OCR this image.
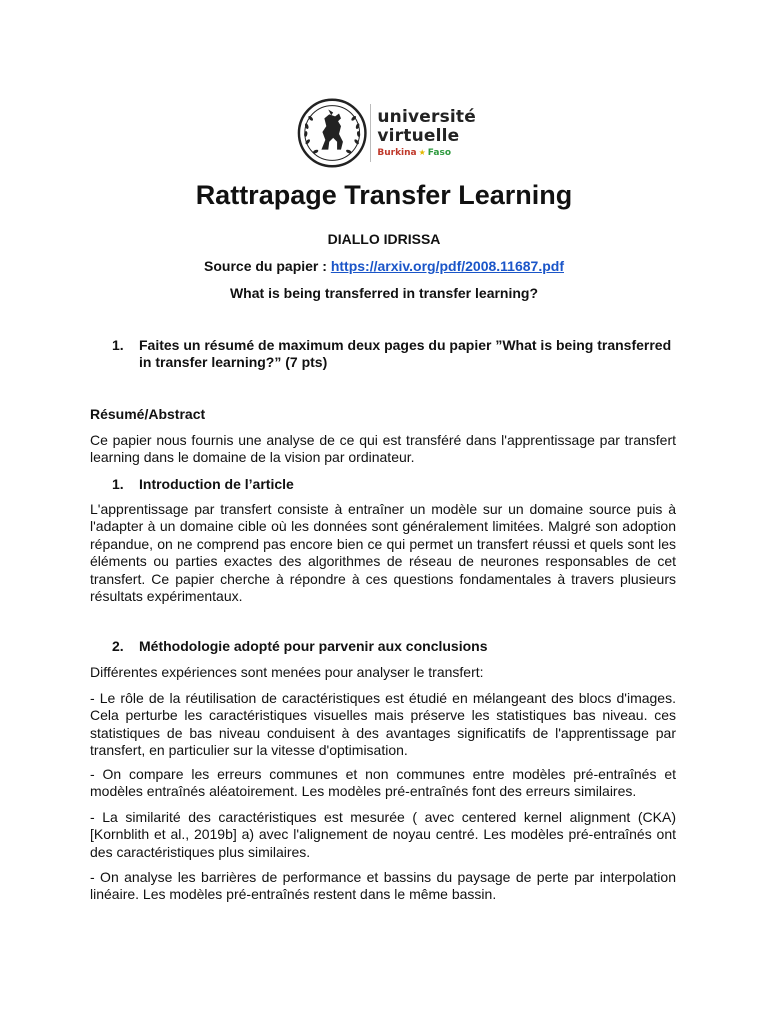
université
virtuelle
Burkina ★ Faso
Rattrapage Transfer Learning
DIALLO IDRISSA
Source du papier : https://arxiv.org/pdf/2008.11687.pdf
What is being transferred in transfer learning?
1.	Faites un résumé de maximum deux pages du papier ”What is being transferred in transfer learning?” (7 pts)
Résumé/Abstract

Ce papier nous fournis une analyse de ce qui est transféré dans l'apprentissage par transfert learning dans le domaine de la vision par ordinateur.

1.	Introduction de l’article

L'apprentissage par transfert consiste à entraîner un modèle sur un domaine source puis à l'adapter à un domaine cible où les données sont généralement limitées. Malgré son adoption répandue, on ne comprend pas encore bien ce qui permet un transfert réussi et quels sont les éléments ou parties exactes des algorithmes de réseau de neurones responsables de cet transfert. Ce papier cherche à répondre à ces questions fondamentales à travers plusieurs résultats expérimentaux.

2.	Méthodologie adopté pour parvenir aux conclusions

Différentes expériences sont menées pour analyser le transfert:

- Le rôle de la réutilisation de caractéristiques est étudié en mélangeant des blocs d'images. Cela perturbe les caractéristiques visuelles mais préserve les statistiques bas niveau. ces statistiques de bas niveau conduisent à des avantages significatifs de l'apprentissage par transfert, en particulier sur la vitesse d'optimisation.

- On compare les erreurs communes et non communes entre modèles pré-entraînés et modèles entraînés aléatoirement. Les modèles pré-entraînés font des erreurs similaires.

- La similarité des caractéristiques est mesurée ( avec centered kernel alignment (CKA) [Kornblith et al., 2019b] a) avec l'alignement de noyau centré. Les modèles pré-entraînés ont des caractéristiques plus similaires.

- On analyse les barrières de performance et bassins du paysage de perte par interpolation linéaire. Les modèles pré-entraînés restent dans le même bassin.
